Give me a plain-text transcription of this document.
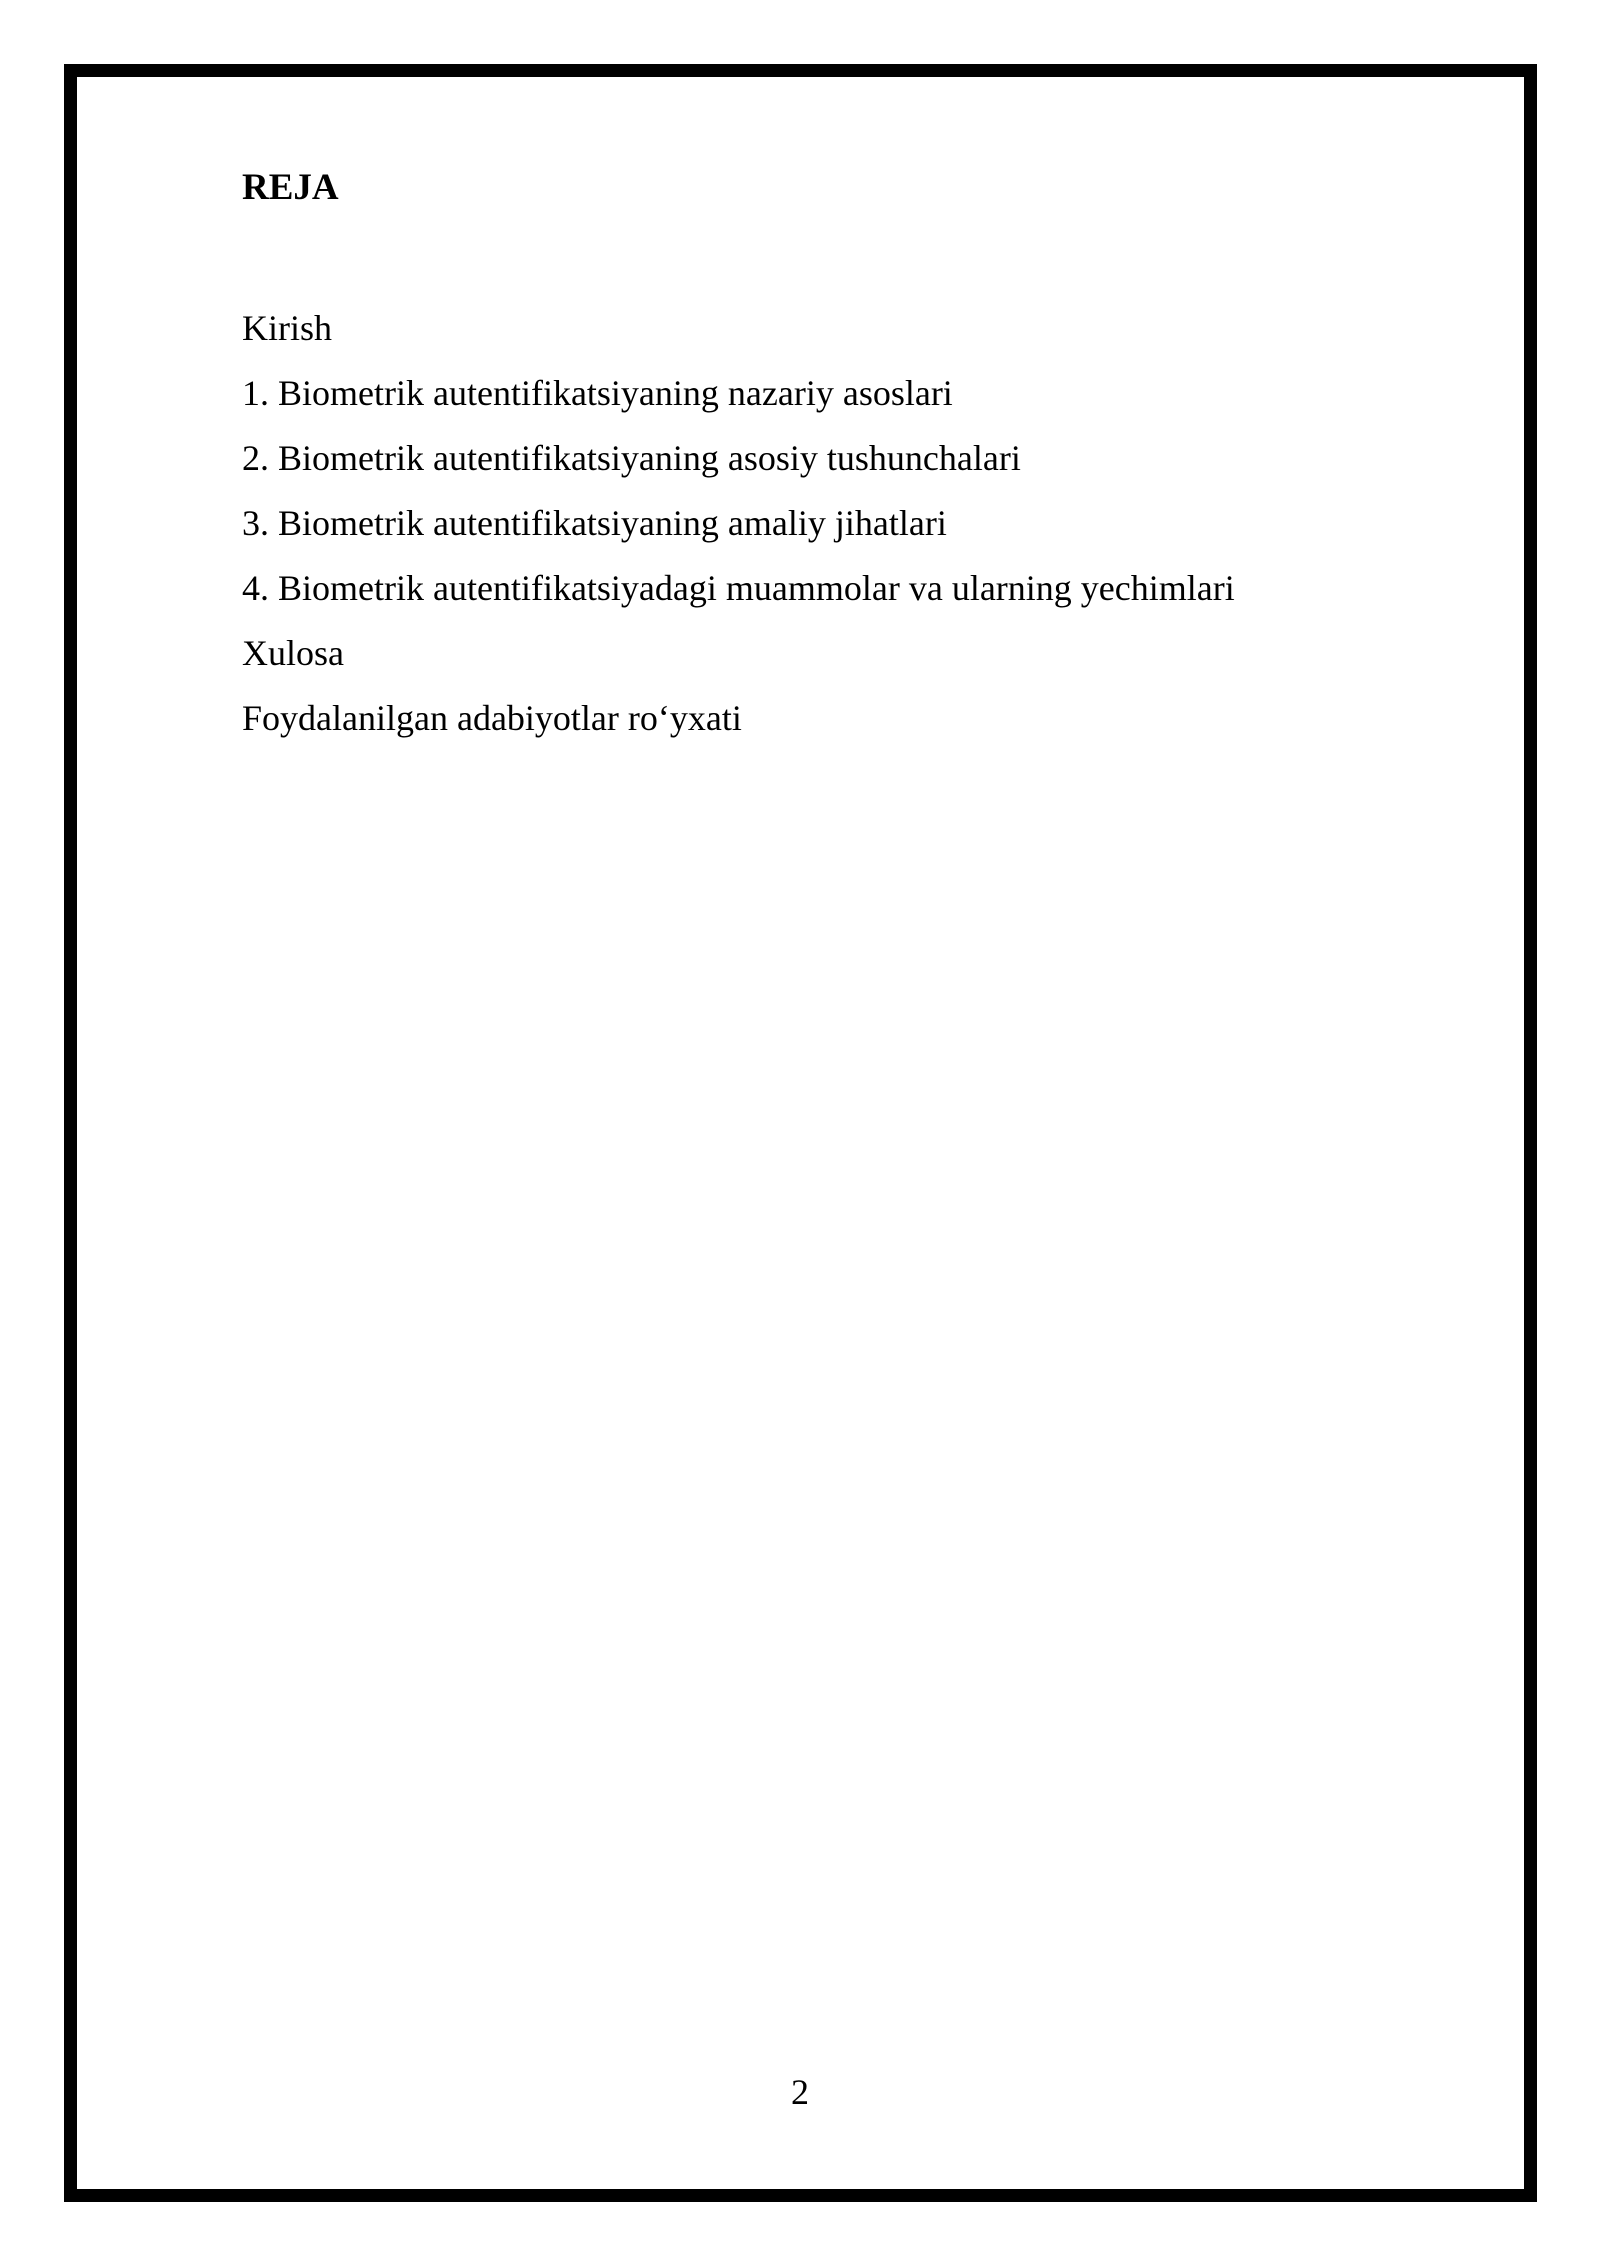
REJA
Kirish
1. Biometrik autentifikatsiyaning nazariy asoslari
2. Biometrik autentifikatsiyaning asosiy tushunchalari
3. Biometrik autentifikatsiyaning amaliy jihatlari
4. Biometrik autentifikatsiyadagi muammolar va ularning yechimlari
Xulosa
Foydalanilgan adabiyotlar ro‘yxati
2
